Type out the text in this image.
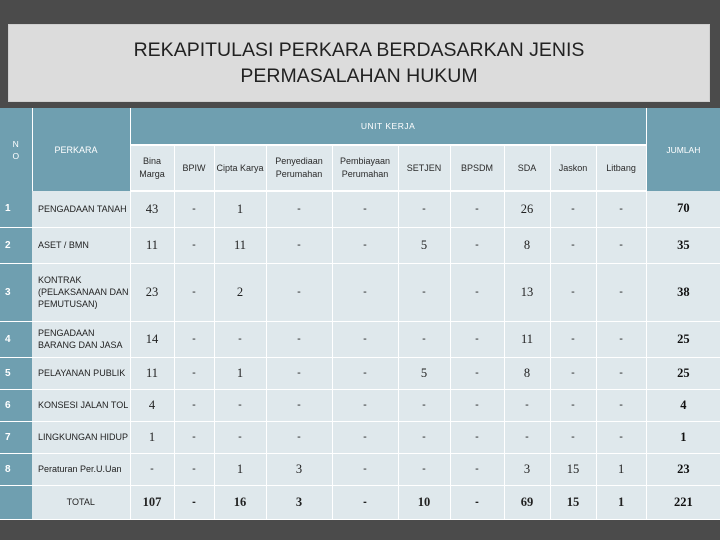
REKAPITULASI PERKARA BERDASARKAN JENIS
PERMASALAHAN HUKUM
N O	PERKARA	UNIT KERJA										JUMLAH
		Bina Marga	BPIW	Cipta Karya	Penyediaan Perumahan	Pembiayaan Perumahan	SETJEN	BPSDM	SDA	Jaskon	Litbang	
1	PENGADAAN TANAH	43	-	1	-	-	-	-	26	-	-	70
2	ASET / BMN	11	-	11	-	-	5	-	8	-	-	35
3	KONTRAK (PELAKSANAAN DAN PEMUTUSAN)	23	-	2	-	-	-	-	13	-	-	38
4	PENGADAAN BARANG DAN JASA	14	-	-	-	-	-	-	11	-	-	25
5	PELAYANAN PUBLIK	11	-	1	-	-	5	-	8	-	-	25
6	KONSESI JALAN TOL	4	-	-	-	-	-	-	-	-	-	4
7	LINGKUNGAN HIDUP	1	-	-	-	-	-	-	-	-	-	1
8	Peraturan Per.U.Uan	-	-	1	3	-	-	-	3	15	1	23
	TOTAL	107	-	16	3	-	10	-	69	15	1	221
